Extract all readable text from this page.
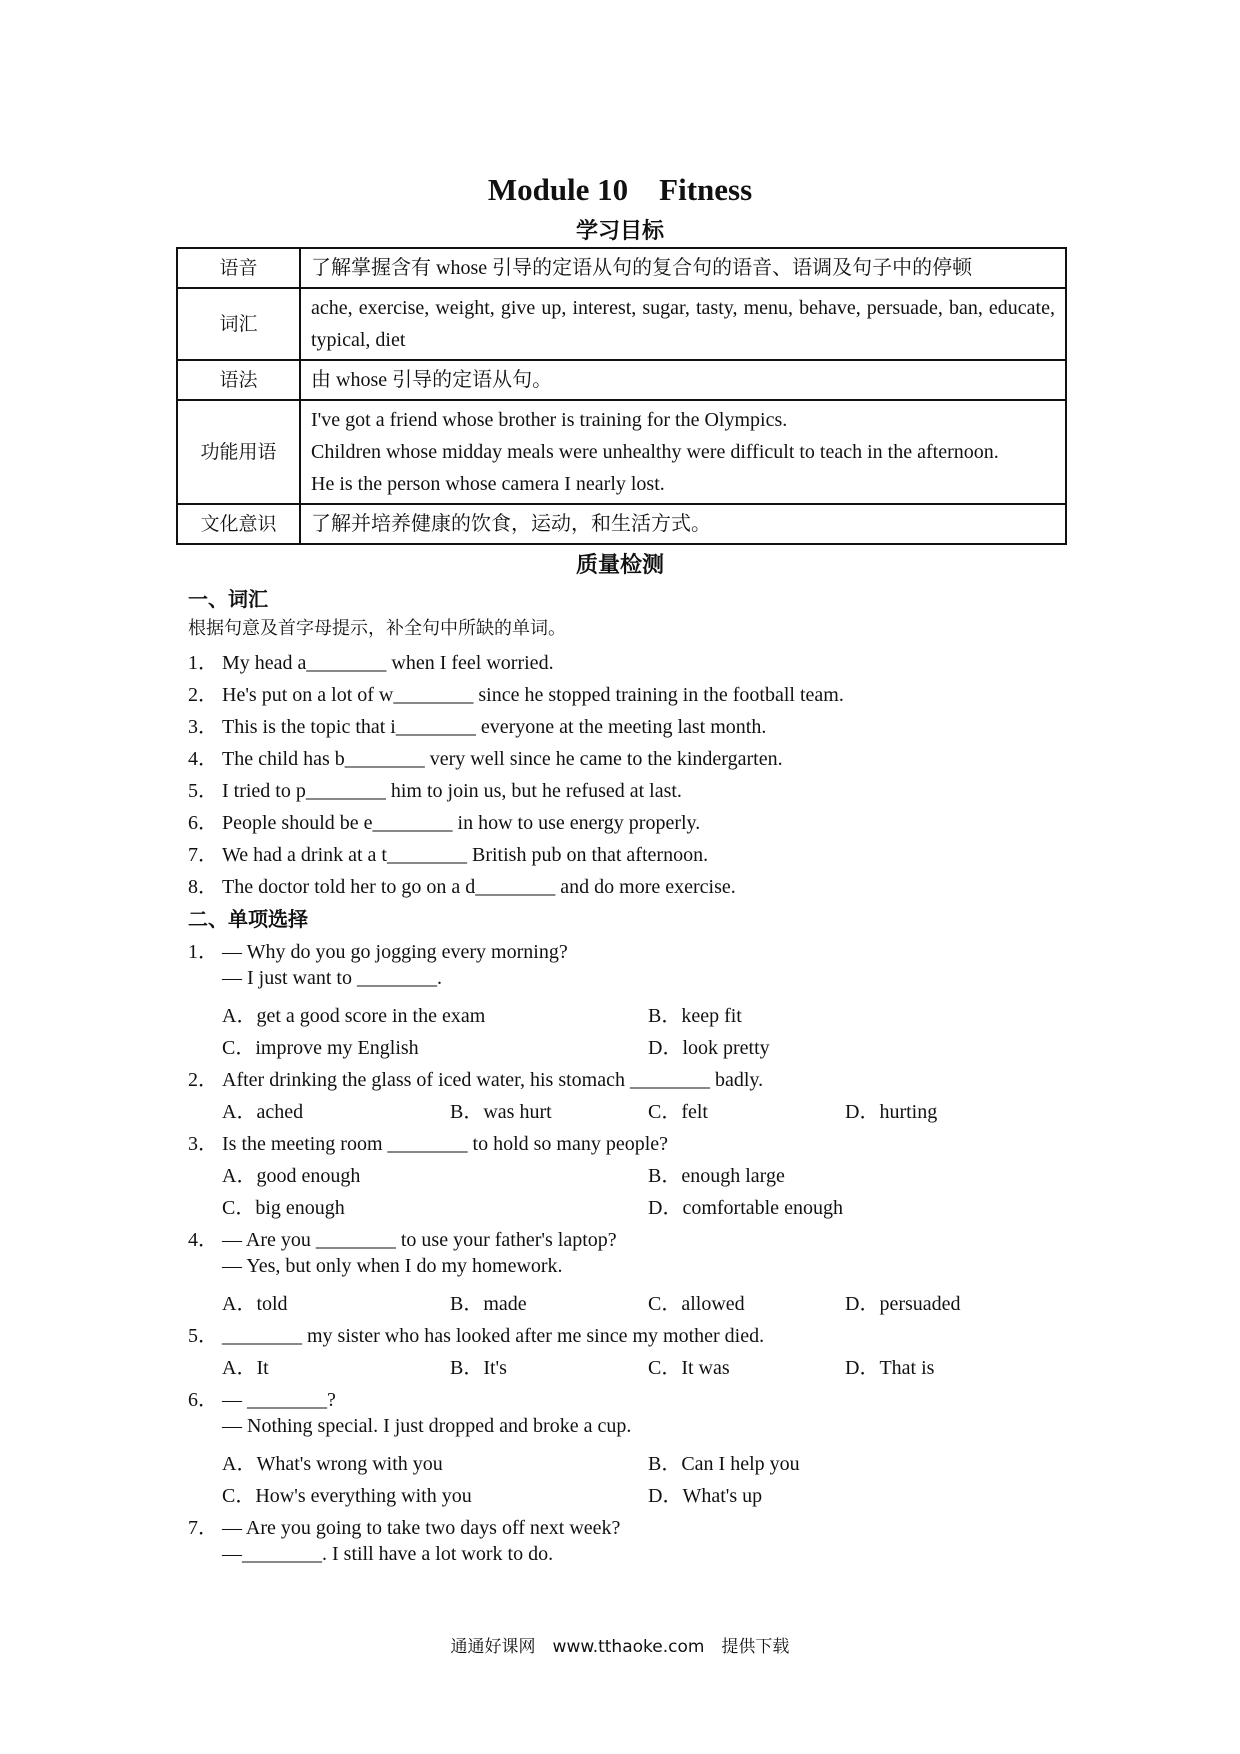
Module 10　Fitness
学习目标
语音	了解掌握含有 whose 引导的定语从句的复合句的语音、语调及句子中的停顿
词汇	ache, exercise, weight, give up, interest, sugar, tasty, menu, behave, persuade, ban, educate, typical, diet
语法	由 whose 引导的定语从句。
功能用语	I've got a friend whose brother is training for the Olympics.
Children whose midday meals were unhealthy were difficult to teach in the afternoon.
He is the person whose camera I nearly lost.

文化意识	了解并培养健康的饮食，运动，和生活方式。
质量检测
一、词汇
根据句意及首字母提示，补全句中所缺的单词。
1． My head a________ when I feel worried.
2． He's put on a lot of w________ since he stopped training in the football team.
3． This is the topic that i________ everyone at the meeting last month.
4． The child has b________ very well since he came to the kindergarten.
5． I tried to p________ him to join us, but he refused at last.
6． People should be e________ in how to use energy properly.
7． We had a drink at a t________ British pub on that afternoon.
8． The doctor told her to go on a d________ and do more exercise.
二、单项选择
1． — Why do you go jogging every morning?
— I just want to ________.
A．get a good score in the exam	B．keep fit
C．improve my English	D．look pretty
2． After drinking the glass of iced water, his stomach ________ badly.
A．ached	B．was hurt	C．felt	D．hurting
3． Is the meeting room ________ to hold so many people?
A．good enough	B．enough large
C．big enough	D．comfortable enough
4． — Are you ________ to use your father's laptop?
— Yes, but only when I do my homework.
A．told	B．made	C．allowed	D．persuaded
5． ________ my sister who has looked after me since my mother died.
A．It	B．It's	C．It was	D．That is
6． — ________?
— Nothing special. I just dropped and broke a cup.
A．What's wrong with you	B．Can I help you
C．How's everything with you	D．What's up
7． — Are you going to take two days off next week?
—________. I still have a lot work to do.
通通好课网　www.tthaoke.com　提供下载
